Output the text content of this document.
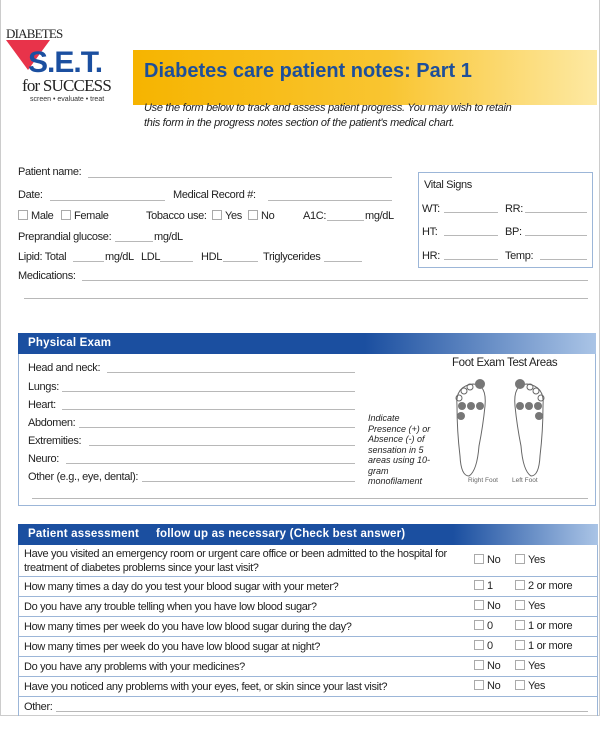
DIABETES
S.E.T.
for SUCCESS
screen • evaluate • treat
Diabetes care patient notes: Part 1
Use the form below to track and assess patient progress. You may wish to retain this form in the progress notes section of the patient's medical chart.
Patient name:
Date:	Medical Record #:
Male	Female	Tobacco use:	Yes	No	A1C:	mg/dL
Preprandial glucose:	mg/dL
Lipid: Total	mg/dL LDL	HDL	Triglycerides
Medications:
Vital Signs
WT:	RR:
HT:	BP:
HR:	Temp:
Physical Exam
Head and neck:
Lungs:
Heart:
Abdomen:
Extremities:
Neuro:
Other (e.g., eye, dental):
Foot Exam Test Areas
Indicate Presence (+) or Absence (-) of sensation in 5 areas using 10-gram monofilament	Right Foot Left Foot
Patient assessment     follow up as necessary (Check best answer)
Have you visited an emergency room or urgent care office or been admitted to the hospital for treatment of diabetes problems since your last visit?
No	Yes
How many times a day do you test your blood sugar with your meter?	1	2 or more
Do you have any trouble telling when you have low blood sugar?	No	Yes
How many times per week do you have low blood sugar during the day?	0	1 or more
How many times per week do you have low blood sugar at night?	0	1 or more
Do you have any problems with your medicines?	No	Yes
Have you noticed any problems with your eyes, feet, or skin since your last visit?	No	Yes
Other:
